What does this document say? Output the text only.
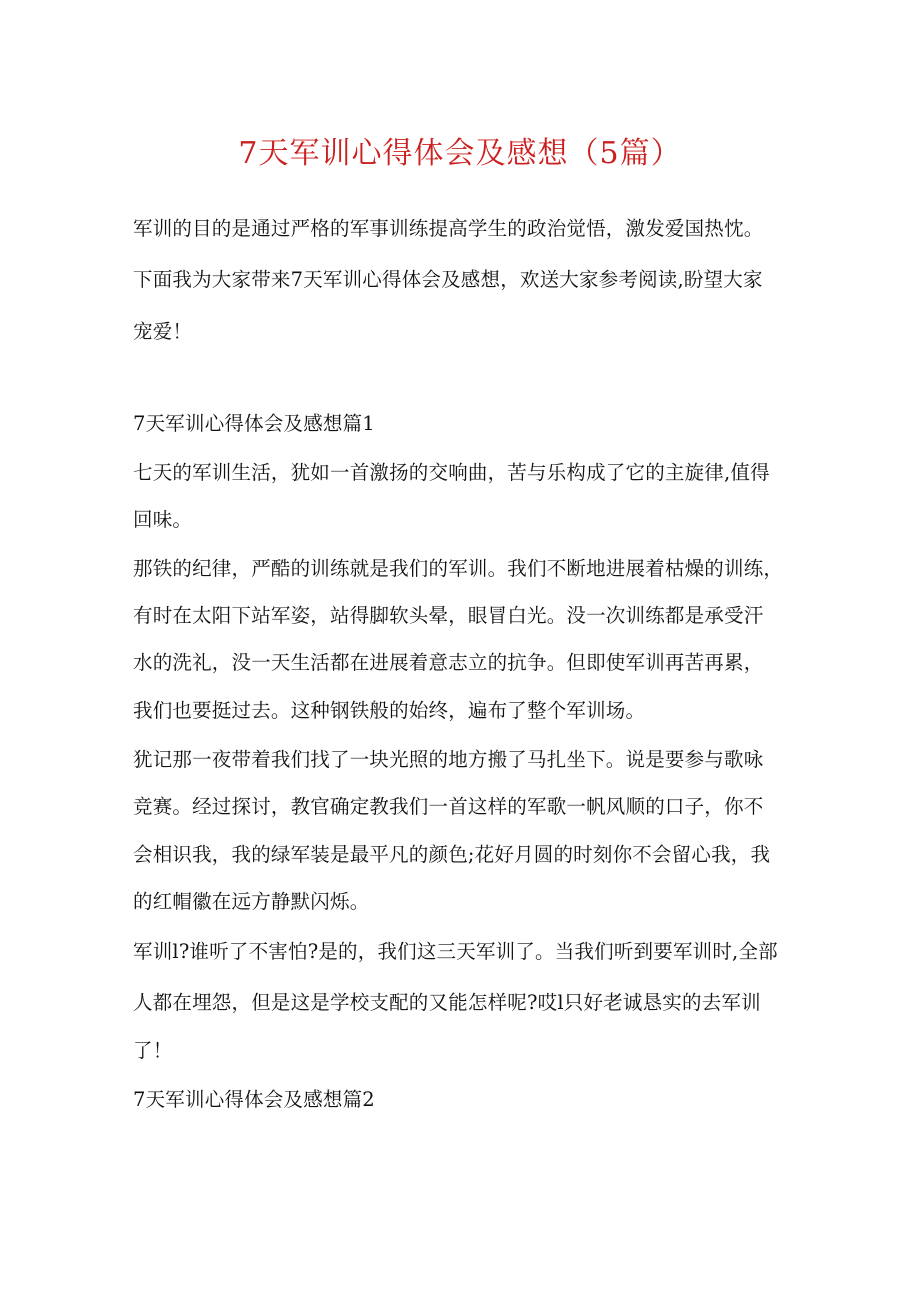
7天军训心得体会及感想（5篇）
军训的目的是通过严格的军事训练提高学生的政治觉悟，激发爱国热忱。
下面我为大家带来7天军训心得体会及感想，欢送大家参考阅读,盼望大家
宠爱！
7天军训心得体会及感想篇1
七天的军训生活，犹如一首激扬的交响曲，苦与乐构成了它的主旋律,值得
回味。
那铁的纪律，严酷的训练就是我们的军训。我们不断地进展着枯燥的训练，
有时在太阳下站军姿，站得脚软头晕，眼冒白光。没一次训练都是承受汗
水的洗礼，没一天生活都在进展着意志立的抗争。但即使军训再苦再累，
我们也要挺过去。这种钢铁般的始终，遍布了整个军训场。
犹记那一夜带着我们找了一块光照的地方搬了马扎坐下。说是要参与歌咏
竞赛。经过探讨，教官确定教我们一首这样的军歌一帆风顺的口子，你不
会相识我，我的绿军装是最平凡的颜色;花好月圆的时刻你不会留心我，我
的红帽徽在远方静默闪烁。
军训l?谁听了不害怕?是的，我们这三天军训了。当我们听到要军训时,全部
人都在埋怨，但是这是学校支配的又能怎样呢?哎l只好老诚恳实的去军训
了！
7天军训心得体会及感想篇2
